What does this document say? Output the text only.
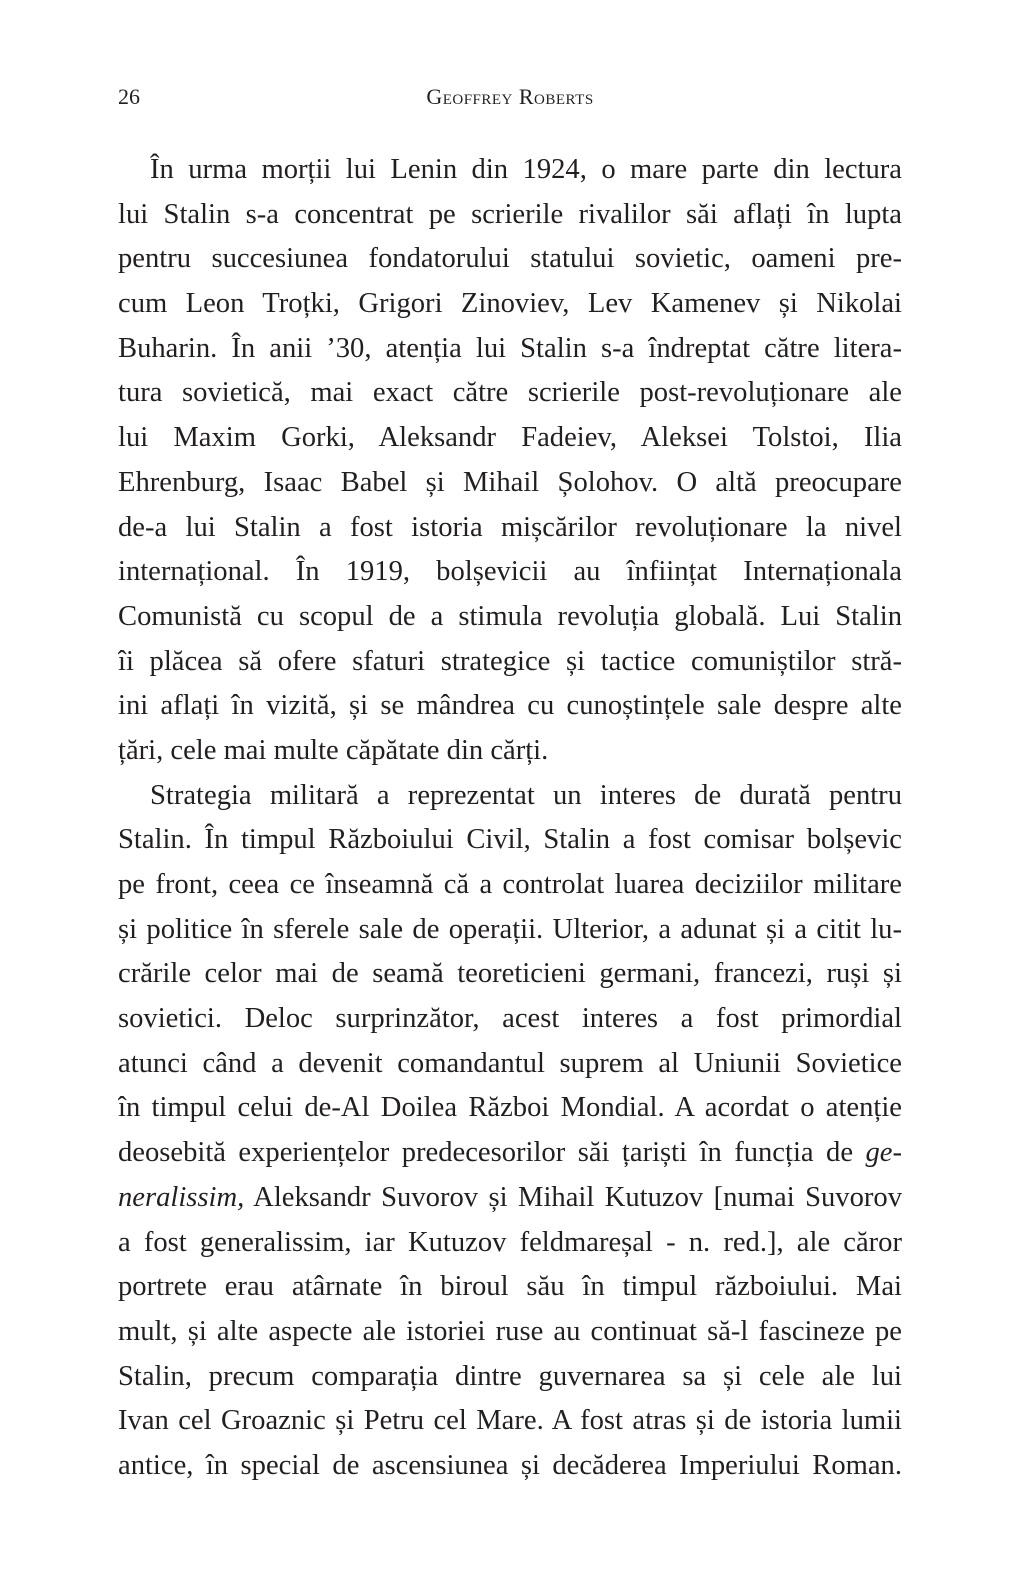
26	Geoffrey Roberts
În urma morții lui Lenin din 1924, o mare parte din lectura
lui Stalin s-a concentrat pe scrierile rivalilor săi aflați în lupta
pentru succesiunea fondatorului statului sovietic, oameni pre-
cum Leon Troțki, Grigori Zinoviev, Lev Kamenev și Nikolai
Buharin. În anii ’30, atenția lui Stalin s-a îndreptat către litera-
tura sovietică, mai exact către scrierile post-revoluționare ale
lui Maxim Gorki, Aleksandr Fadeiev, Aleksei Tolstoi, Ilia
Ehrenburg, Isaac Babel și Mihail Șolohov. O altă preocupare
de-a lui Stalin a fost istoria mișcărilor revoluționare la nivel
internațional. În 1919, bolșevicii au înființat Internaționala
Comunistă cu scopul de a stimula revoluția globală. Lui Stalin
îi plăcea să ofere sfaturi strategice și tactice comuniștilor stră-
ini aflați în vizită, și se mândrea cu cunoștințele sale despre alte
țări, cele mai multe căpătate din cărți.
Strategia militară a reprezentat un interes de durată pentru
Stalin. În timpul Războiului Civil, Stalin a fost comisar bolșevic
pe front, ceea ce înseamnă că a controlat luarea deciziilor militare
și politice în sferele sale de operații. Ulterior, a adunat și a citit lu-
crările celor mai de seamă teoreticieni germani, francezi, ruși și
sovietici. Deloc surprinzător, acest interes a fost primordial
atunci când a devenit comandantul suprem al Uniunii Sovietice
în timpul celui de-Al Doilea Război Mondial. A acordat o atenție
deosebită experiențelor predecesorilor săi țariști în funcția de ge-
neralissim, Aleksandr Suvorov și Mihail Kutuzov [numai Suvorov
a fost generalissim, iar Kutuzov feldmareșal - n. red.], ale căror
portrete erau atârnate în biroul său în timpul războiului. Mai
mult, și alte aspecte ale istoriei ruse au continuat să-l fascineze pe
Stalin, precum comparația dintre guvernarea sa și cele ale lui
Ivan cel Groaznic și Petru cel Mare. A fost atras și de istoria lumii
antice, în special de ascensiunea și decăderea Imperiului Roman.
